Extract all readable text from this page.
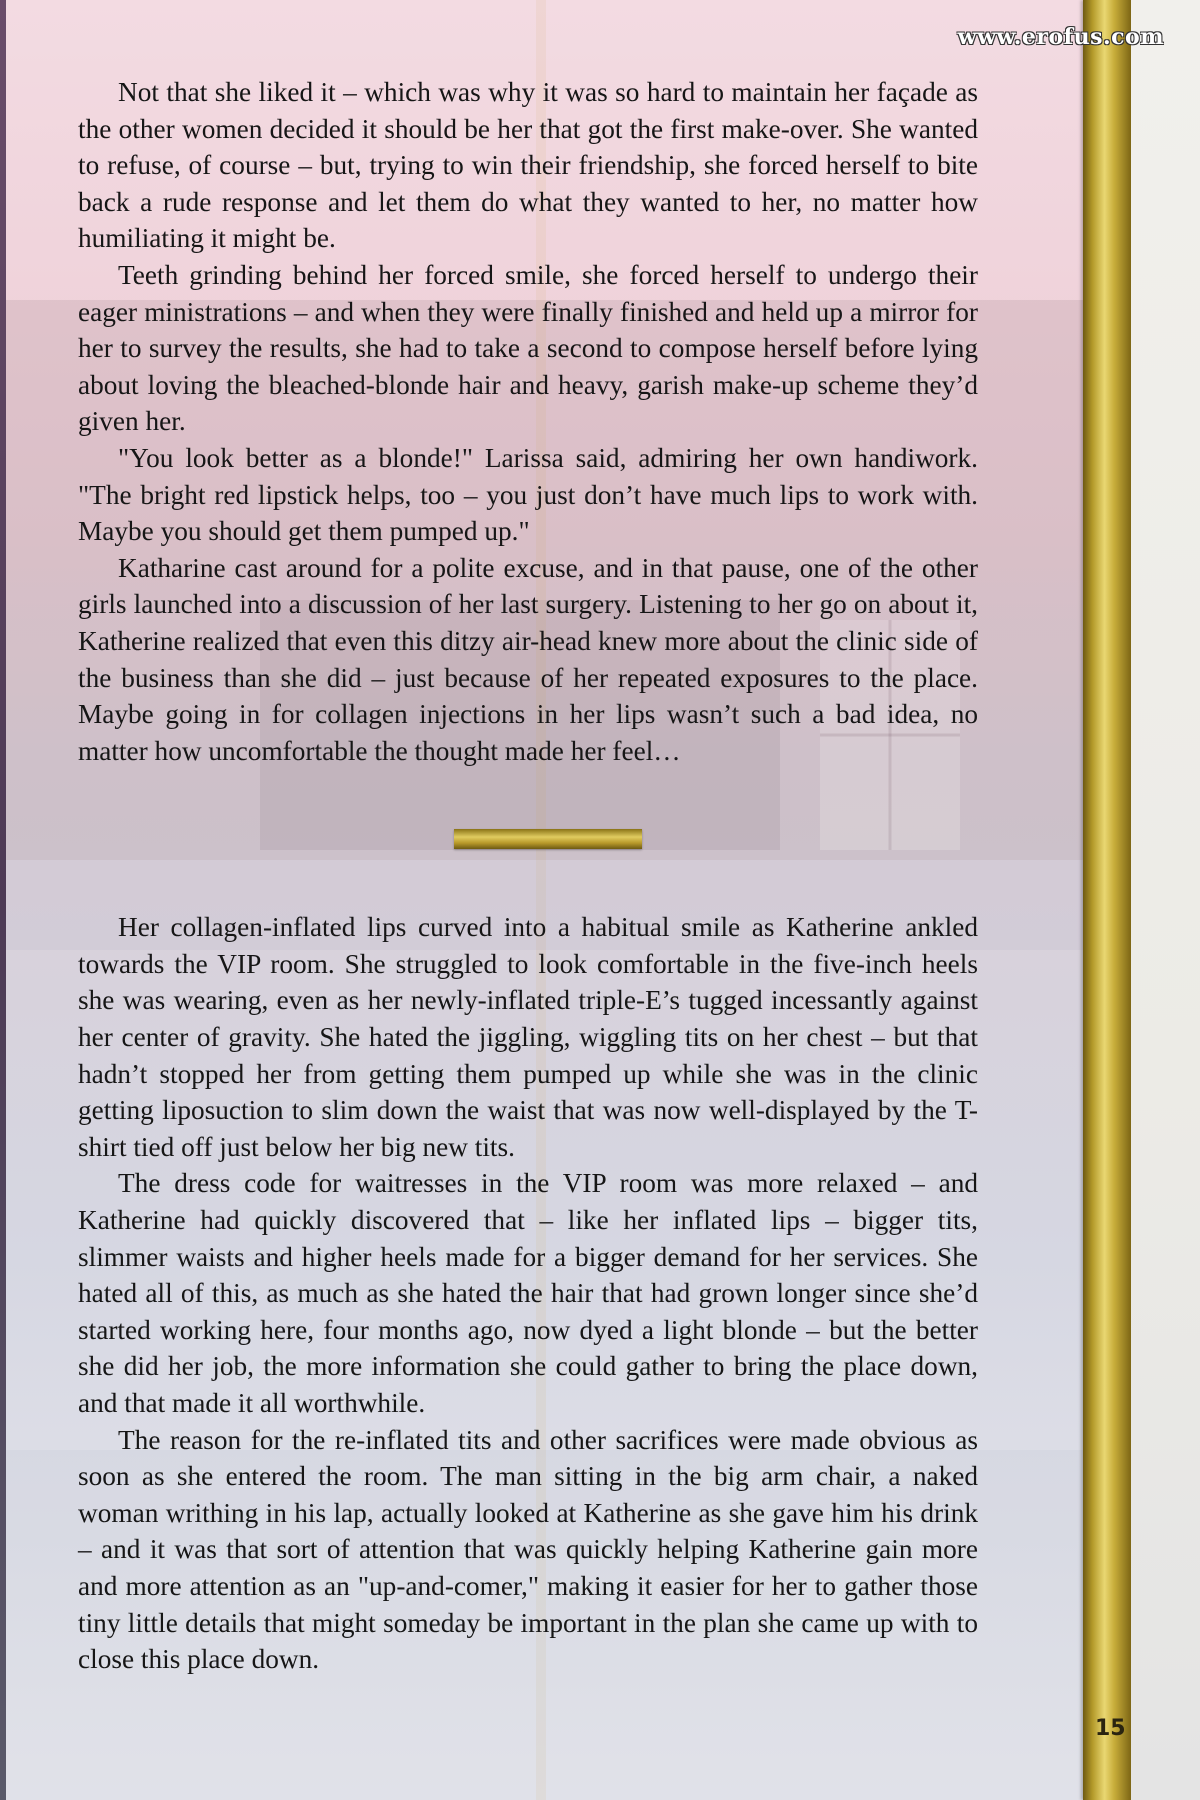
www.erofus.com

Not that she liked it – which was why it was so hard to maintain her façade as the other women decided it should be her that got the first make-over. She wanted to refuse, of course – but, trying to win their friendship, she forced herself to bite back a rude response and let them do what they wanted to her, no matter how humiliating it might be.

Teeth grinding behind her forced smile, she forced herself to undergo their eager ministrations – and when they were finally finished and held up a mirror for her to survey the results, she had to take a second to compose herself before lying about loving the bleached-blonde hair and heavy, garish make-up scheme they’d given her.

"You look better as a blonde!" Larissa said, admiring her own handiwork. "The bright red lipstick helps, too – you just don’t have much lips to work with. Maybe you should get them pumped up."

Katharine cast around for a polite excuse, and in that pause, one of the other girls launched into a discussion of her last surgery. Listening to her go on about it, Katherine realized that even this ditzy air-head knew more about the clinic side of the business than she did – just because of her repeated exposures to the place. Maybe going in for collagen injections in her lips wasn’t such a bad idea, no matter how uncomfortable the thought made her feel…

Her collagen-inflated lips curved into a habitual smile as Katherine ankled towards the VIP room. She struggled to look comfortable in the five-inch heels she was wearing, even as her newly-inflated triple-E’s tugged incessantly against her center of gravity. She hated the jiggling, wiggling tits on her chest – but that hadn’t stopped her from getting them pumped up while she was in the clinic getting liposuction to slim down the waist that was now well-displayed by the T-shirt tied off just below her big new tits.

The dress code for waitresses in the VIP room was more relaxed – and Katherine had quickly discovered that – like her inflated lips – bigger tits, slimmer waists and higher heels made for a bigger demand for her services. She hated all of this, as much as she hated the hair that had grown longer since she’d started working here, four months ago, now dyed a light blonde – but the better she did her job, the more information she could gather to bring the place down, and that made it all worthwhile.

The reason for the re-inflated tits and other sacrifices were made obvious as soon as she entered the room. The man sitting in the big arm chair, a naked woman writhing in his lap, actually looked at Katherine as she gave him his drink – and it was that sort of attention that was quickly helping Katherine gain more and more attention as an "up-and-comer," making it easier for her to gather those tiny little details that might someday be important in the plan she came up with to close this place down.

15
